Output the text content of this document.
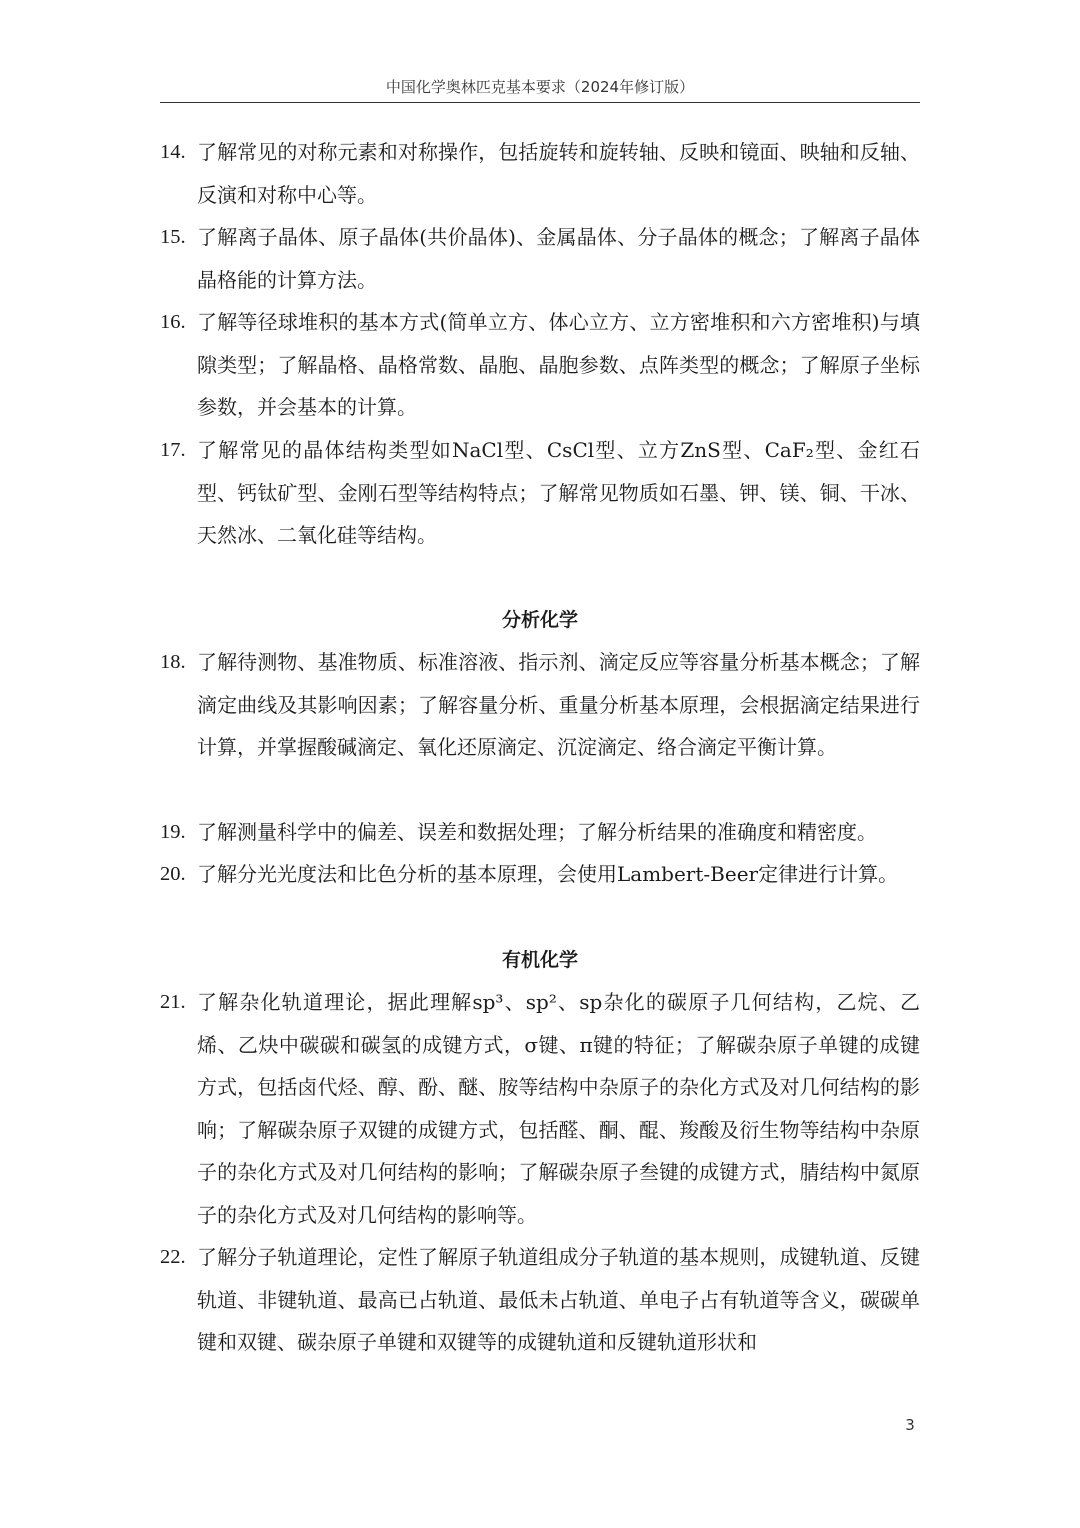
中国化学奥林匹克基本要求（2024年修订版）
14. 了解常见的对称元素和对称操作，包括旋转和旋转轴、反映和镜面、映轴和反轴、反演和对称中心等。
15. 了解离子晶体、原子晶体(共价晶体)、金属晶体、分子晶体的概念；了解离子晶体晶格能的计算方法。
16. 了解等径球堆积的基本方式(简单立方、体心立方、立方密堆积和六方密堆积)与填隙类型；了解晶格、晶格常数、晶胞、晶胞参数、点阵类型的概念；了解原子坐标参数，并会基本的计算。
17. 了解常见的晶体结构类型如NaCl型、CsCl型、立方ZnS型、CaF₂型、金红石型、钙钛矿型、金刚石型等结构特点；了解常见物质如石墨、钾、镁、铜、干冰、天然冰、二氧化硅等结构。
分析化学
18. 了解待测物、基准物质、标准溶液、指示剂、滴定反应等容量分析基本概念；了解滴定曲线及其影响因素；了解容量分析、重量分析基本原理，会根据滴定结果进行计算，并掌握酸碱滴定、氧化还原滴定、沉淀滴定、络合滴定平衡计算。
19. 了解测量科学中的偏差、误差和数据处理；了解分析结果的准确度和精密度。
20. 了解分光光度法和比色分析的基本原理，会使用Lambert-Beer定律进行计算。
有机化学
21. 了解杂化轨道理论，据此理解sp³、sp²、sp杂化的碳原子几何结构，乙烷、乙烯、乙炔中碳碳和碳氢的成键方式，σ键、π键的特征；了解碳杂原子单键的成键方式，包括卤代烃、醇、酚、醚、胺等结构中杂原子的杂化方式及对几何结构的影响；了解碳杂原子双键的成键方式，包括醛、酮、醌、羧酸及衍生物等结构中杂原子的杂化方式及对几何结构的影响；了解碳杂原子叁键的成键方式，腈结构中氮原子的杂化方式及对几何结构的影响等。
22. 了解分子轨道理论，定性了解原子轨道组成分子轨道的基本规则，成键轨道、反键轨道、非键轨道、最高已占轨道、最低未占轨道、单电子占有轨道等含义，碳碳单键和双键、碳杂原子单键和双键等的成键轨道和反键轨道形状和
3
